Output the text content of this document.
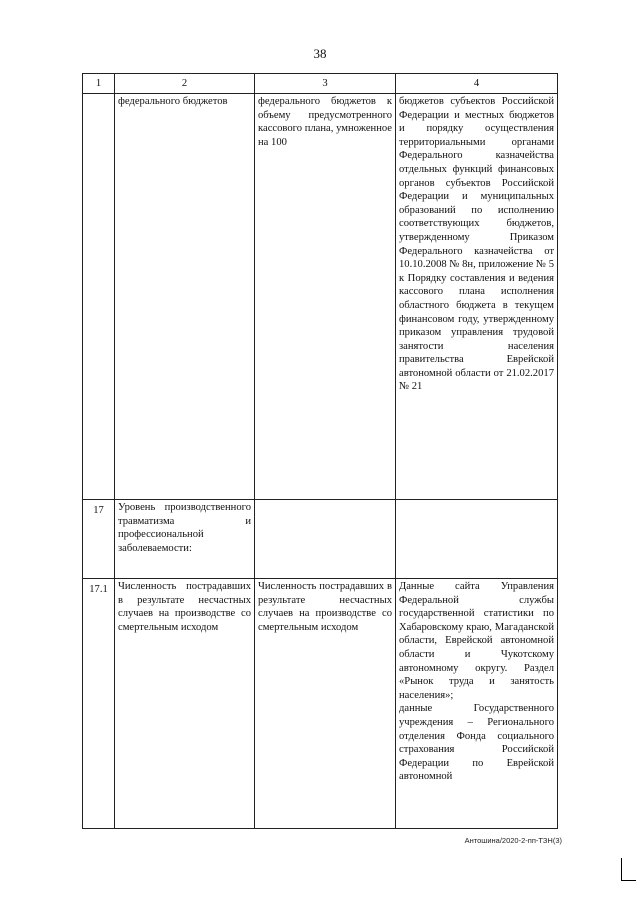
38
1	2	3	4
	федерального бюджетов	федерального бюджетов к объему предусмотренного кассового плана, умноженное на 100	бюджетов субъектов Российской Федерации и местных бюджетов и порядку осуществления территориальными органами Федерального казначейства отдельных функций финансовых органов субъектов Российской Федерации и муниципальных образований по исполнению соответствующих бюджетов, утвержденному Приказом Федерального казначейства от 10.10.2008 № 8н, приложение № 5 к Порядку составления и ведения кассового плана исполнения областного бюджета в текущем финансовом году, утвержденному приказом управления трудовой занятости населения правительства Еврейской автономной области от 21.02.2017 № 21
17	Уровень производственного травматизма и профессиональной заболеваемости:		
17.1	Численность пострадавших в результате несчастных случаев на производстве со смертельным исходом	Численность пострадавших в результате несчастных случаев на производстве со смертельным исходом	Данные сайта Управления Федеральной службы государственной статистики по Хабаровскому краю, Магаданской области, Еврейской автономной области и Чукотскому автономному округу. Раздел «Рынок труда и занятость населения»;

данные Государственного учреждения – Регионального отделения Фонда социального страхования Российской Федерации по Еврейской автономной

Антошина/2020-2-пп-ТЗН(3)
